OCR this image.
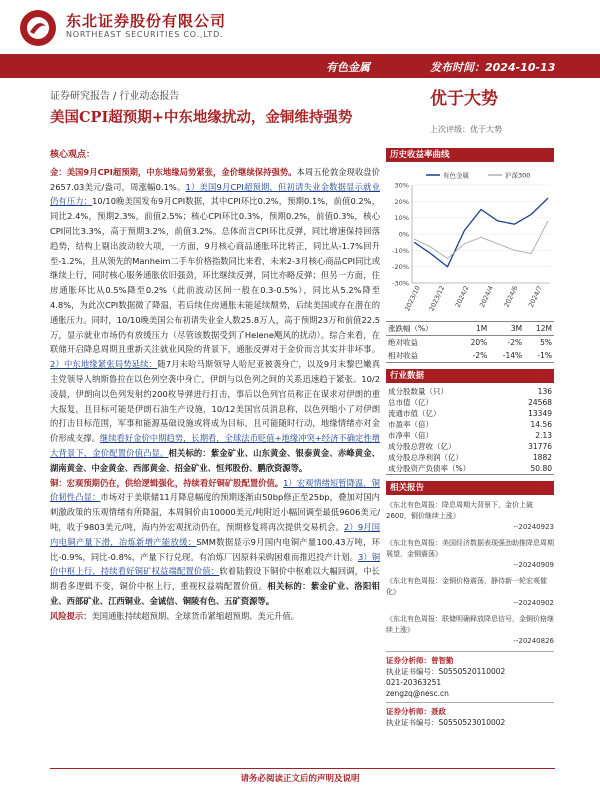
东北证券股份有限公司
NORTHEAST SECURITIES CO.,LTD.
有色金属	发布时间：2024-10-13
证券研究报告 / 行业动态报告
美国CPI超预期+中东地缘扰动，金铜维持强势
优于大势
上次评级：优于大势

核心观点：

金：美国9月CPI超预期，中东地缘局势紧张，金价继续保持强势。本周五伦敦金现收盘价2657.03美元/盎司，周涨幅0.1%。1）美国9月CPI超预期，但初请失业金数据显示就业仍有压力：10/10晚美国发布9月CPI数据，其中CPI环比0.2%，预期0.1%，前值0.2%，同比2.4%，预期2.3%，前值2.5%；核心CPI环比0.3%，预期0.2%，前值0.3%，核心CPI同比3.3%，高于预期3.2%，前值3.2%。总体而言CPI环比反弹，同比增速保持回落趋势，结构上剔出波动较大项，一方面，9月核心商品通胀环比转正，同比从-1.7%回升至-1.2%，且从领先的Manheim二手车价格指数同比来看，未来2-3月核心商品CPI同比或继续上行，同时核心服务通胀依旧强劲，环比继续反弹，同比亦略反弹；但另一方面，住房通胀环比从0.5%降至0.2%（此前波动区间一般在0.3-0.5%），同比从5.2%降至4.8%，为此次CPI数据微了降温，若后续住房通胀未能延续颓势，后续美国或存在潜在的通胀压力。同时，10/10晚美国公布初请失业金人数25.8万人，高于预期23万和前值22.5万，显示就业市场仍有放缓压力（尽管该数据受到了Helene飓风的扰动）。综合来看，在联储开启降息周期且重新关注就业风险的背景下，通胀反弹对于金价而言其实并非坏事。2）中东地缘紧张局势延续：随7月末哈马斯领导人哈尼亚被袭身亡，以及9月末黎巴嫩真主党领导人纳斯鲁拉在以色列空袭中身亡，伊朗与以色列之间的关系迅速趋于紧张。10/2凌晨，伊朗向以色列发射约200枚导弹进行打击，事后以色列官员称正在谋求对伊朗的重大报复，且目标可能是伊朗石油生产设施，10/12美国官员消息称，以色列缩小了对伊朗的打击目标范围，军事和能源基础设施或将成为目标，且可能随时行动，地缘情绪亦对金价形成支撑。继续看好金价中期趋势，长期看，全球法币贬值+地缘冲突+经济不确定性增大背景下，金价配置价值凸显。相关标的：紫金矿业、山东黄金、银泰黄金、赤峰黄金、湖南黄金、中金黄金、西部黄金、招金矿业、恒邦股份、鹏欣资源等。

铜：宏观预期仍在，供给逻辑强化，持续看好铜矿股配置价值。1）宏观情绪短暂降温，铜价韧性凸显：市场对于美联储11月降息幅度的预期逐渐由50bp修正至25bp，叠加对国内刺激政策的乐观情绪有所降温，本周铜价由10000美元/吨附近小幅回调至最低9606美元/吨，收于9803美元/吨，海内外宏观扰动仍在，预期修复将再次提供交易机会。2）9月国内电铜产量下滑，冶炼新增产能放缓：SMM数据显示9月国内电铜产量100.43万吨，环比-0.9%，同比-0.8%，产量下行兑现。有冶炼厂因原料采购困难而推迟投产计划。3）铜价中枢上行，持续看好铜矿权益端配置价值：软着陆假设下铜价中枢难以大幅回调，中长期看多逻辑不变，铜价中枢上行，重视权益端配置价值。相关标的：紫金矿业、洛阳钼业、西部矿业、江西铜业、金诚信、铜陵有色、五矿资源等。

风险提示：美国通胀持续超预期、全球货币紧缩超预期、美元升值。

历史收益率曲线
30%
20%
10%
0%
-10%
-20%
-30%
2023/10 2023/12 2024/2 2024/4 2024/6 2024/7
有色金属	沪深300
涨跌幅（%）	1M	3M	12M
绝对收益	20%	-2%	5%
相对收益	-2%	-14%	-1%
行业数据
成分股数量（只）	136
总市值（亿）	24568
流通市值（亿）	13349
市盈率（倍）	14.56
市净率（倍）	2.13
成分股总营收（亿）	31776
成分股总净利润（亿）	1882
成分股资产负债率（%）	50.80
相关报告
《东北有色周报：降息周期大背景下，金价上破2600，铜价继续上涨》
--20240923
《东北有色周报：美国经济数据表现强劲助推降息周期展望，金铜震荡》
--20240909
《东北有色周报：金铜价格震荡，静待新一轮宏观催化》
--20240902
《东北有色周报：联储明确释放降息信号，金铜价格继续上涨》
--20240826
证券分析师：曾智勤
执业证书编号：S0550520110002
021-20363251
zengzq@nesc.cn
证券分析师：聂政
执业证书编号：S0550523010002
请务必阅读正文后的声明及说明
